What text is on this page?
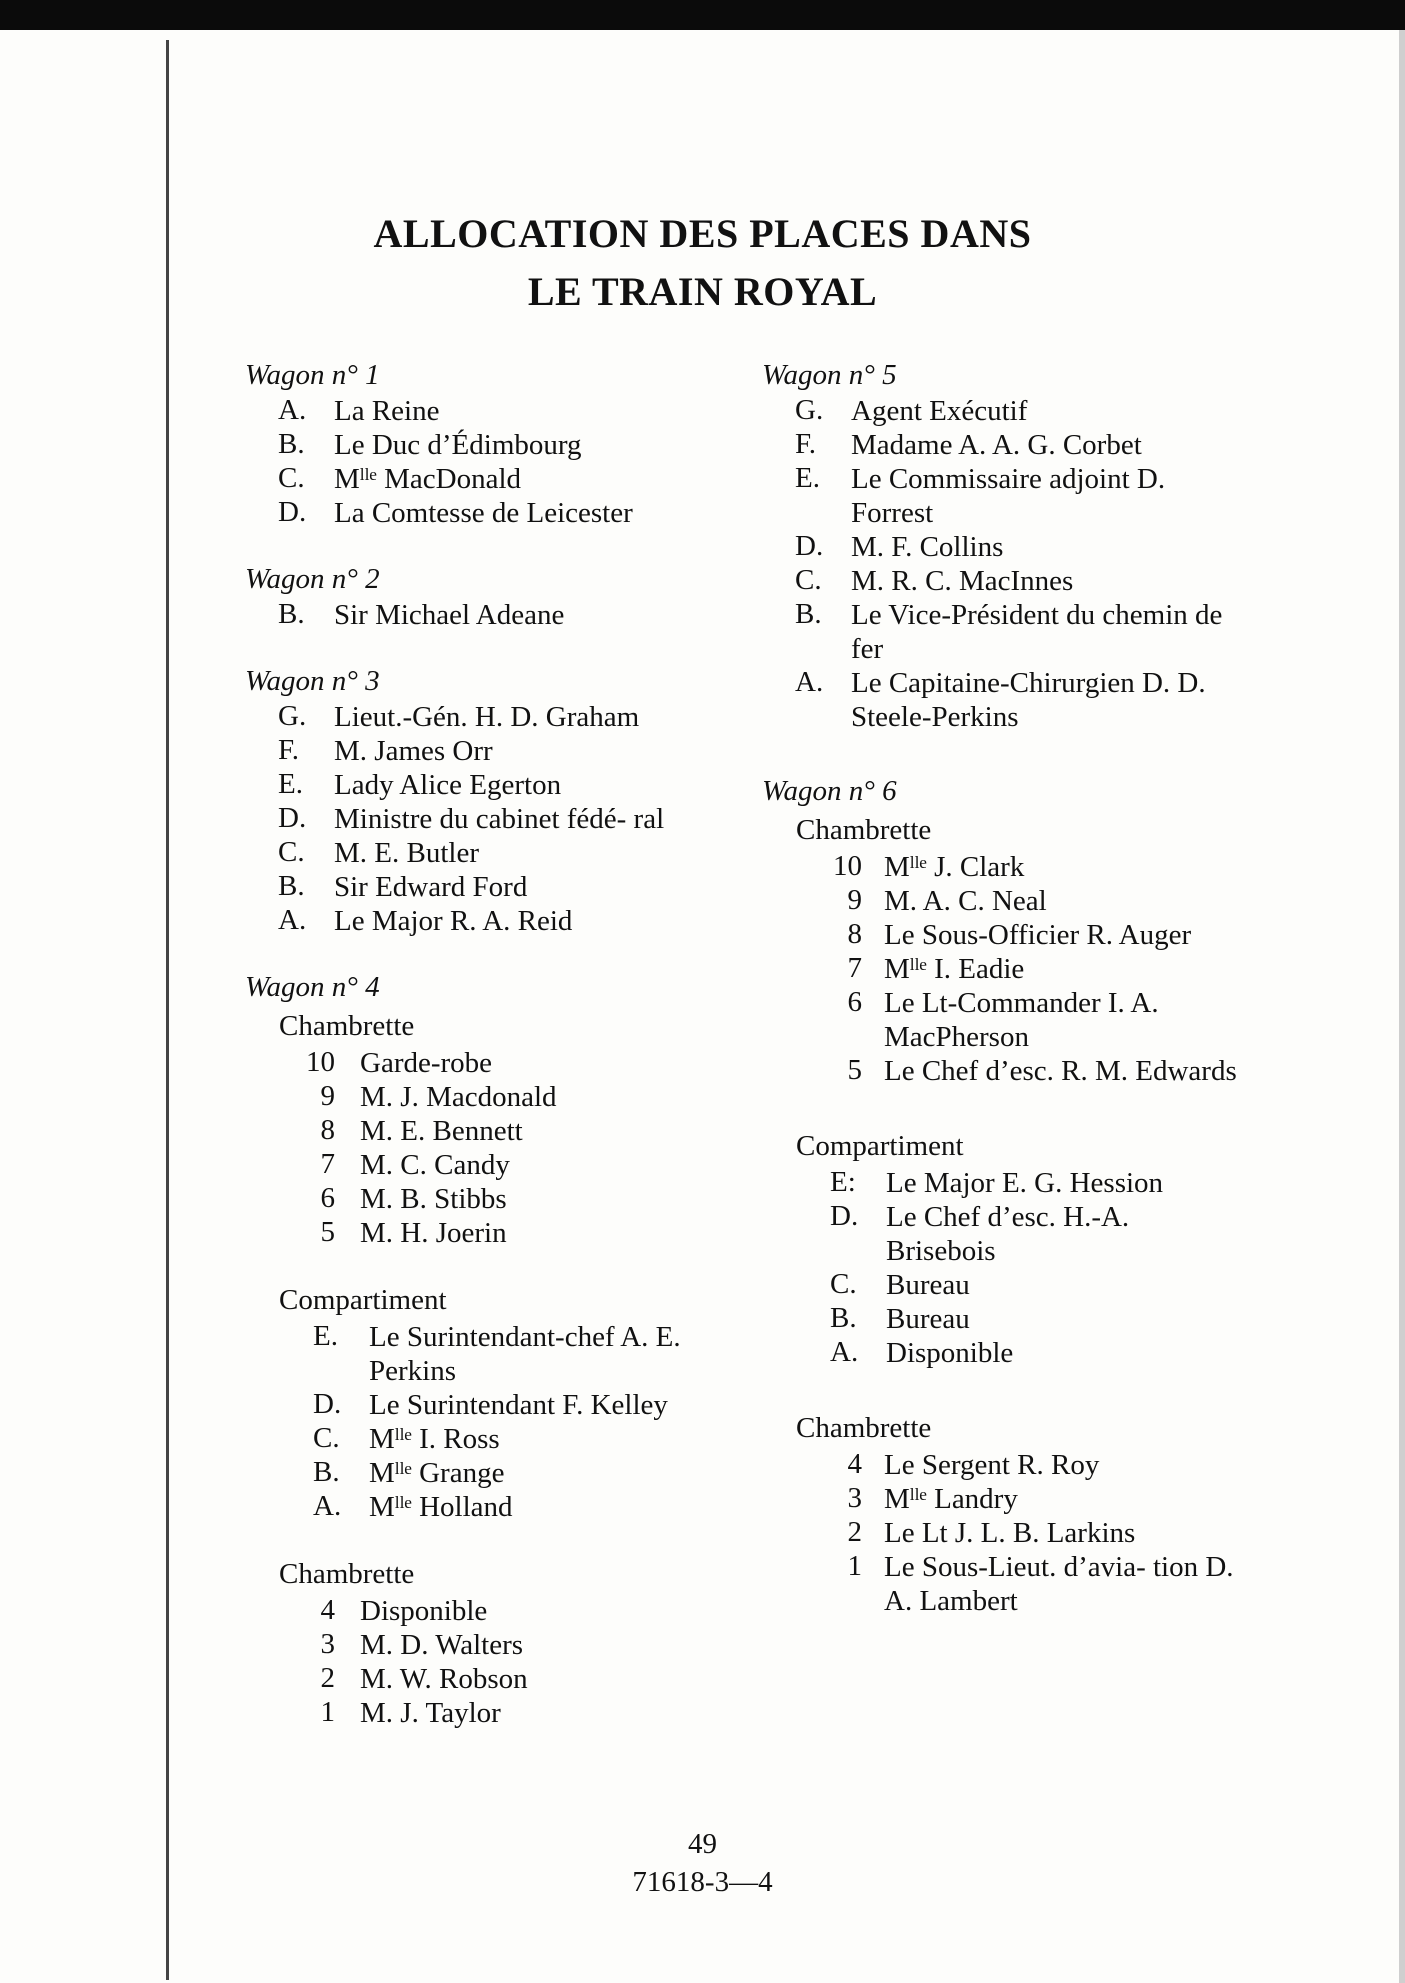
ALLOCATION DES PLACES DANS
LE TRAIN ROYAL
Wagon n° 1
A. La Reine
B. Le Duc d’Édimbourg
C. Mˡˡᵉ MacDonald
D. La Comtesse de Leicester
Wagon n° 2
B. Sir Michael Adeane
Wagon n° 3
G. Lieut.-Gén. H. D. Graham
F.	M. James Orr
E.	Lady Alice Egerton
D. Ministre du cabinet fédé- ral
C. M. E. Butler
B. Sir Edward Ford
A. Le Major R. A. Reid
Wagon n° 4
Chambrette
10 Garde-robe
9 M. J. Macdonald
8 M. E. Bennett
7 M. C. Candy
6 M. B. Stibbs
5 M. H. Joerin
Compartiment
E.	Le Surintendant-chef A. E. Perkins
D. Le Surintendant F. Kelley
C. Mˡˡᵉ I. Ross
B. Mˡˡᵉ Grange
A. Mˡˡᵉ Holland
Chambrette
4 Disponible
3 M. D. Walters
2 M. W. Robson
1 M. J. Taylor
Wagon n° 5
G. Agent Exécutif
F.	Madame A. A. G. Corbet
E.	Le Commissaire adjoint D. Forrest
D. M. F. Collins
C. M. R. C. MacInnes
B. Le Vice-Président du chemin de fer
A. Le Capitaine-Chirurgien D. D. Steele-Perkins
Wagon n° 6
Chambrette
10 Mˡˡᵉ J. Clark
9 M. A. C. Neal
8 Le Sous-Officier R. Auger
7 Mˡˡᵉ I. Eadie
6 Le Lt-Commander I. A. MacPherson
5 Le Chef d’esc. R. M. Edwards
Compartiment
E: Le Major E. G. Hession
D. Le Chef d’esc. H.-A. Brisebois
C. Bureau
B. Bureau
A. Disponible
Chambrette
4 Le Sergent R. Roy
3 Mˡˡᵉ Landry
2 Le Lt J. L. B. Larkins
1 Le Sous-Lieut. d’avia- tion D. A. Lambert
49
71618-3—4
